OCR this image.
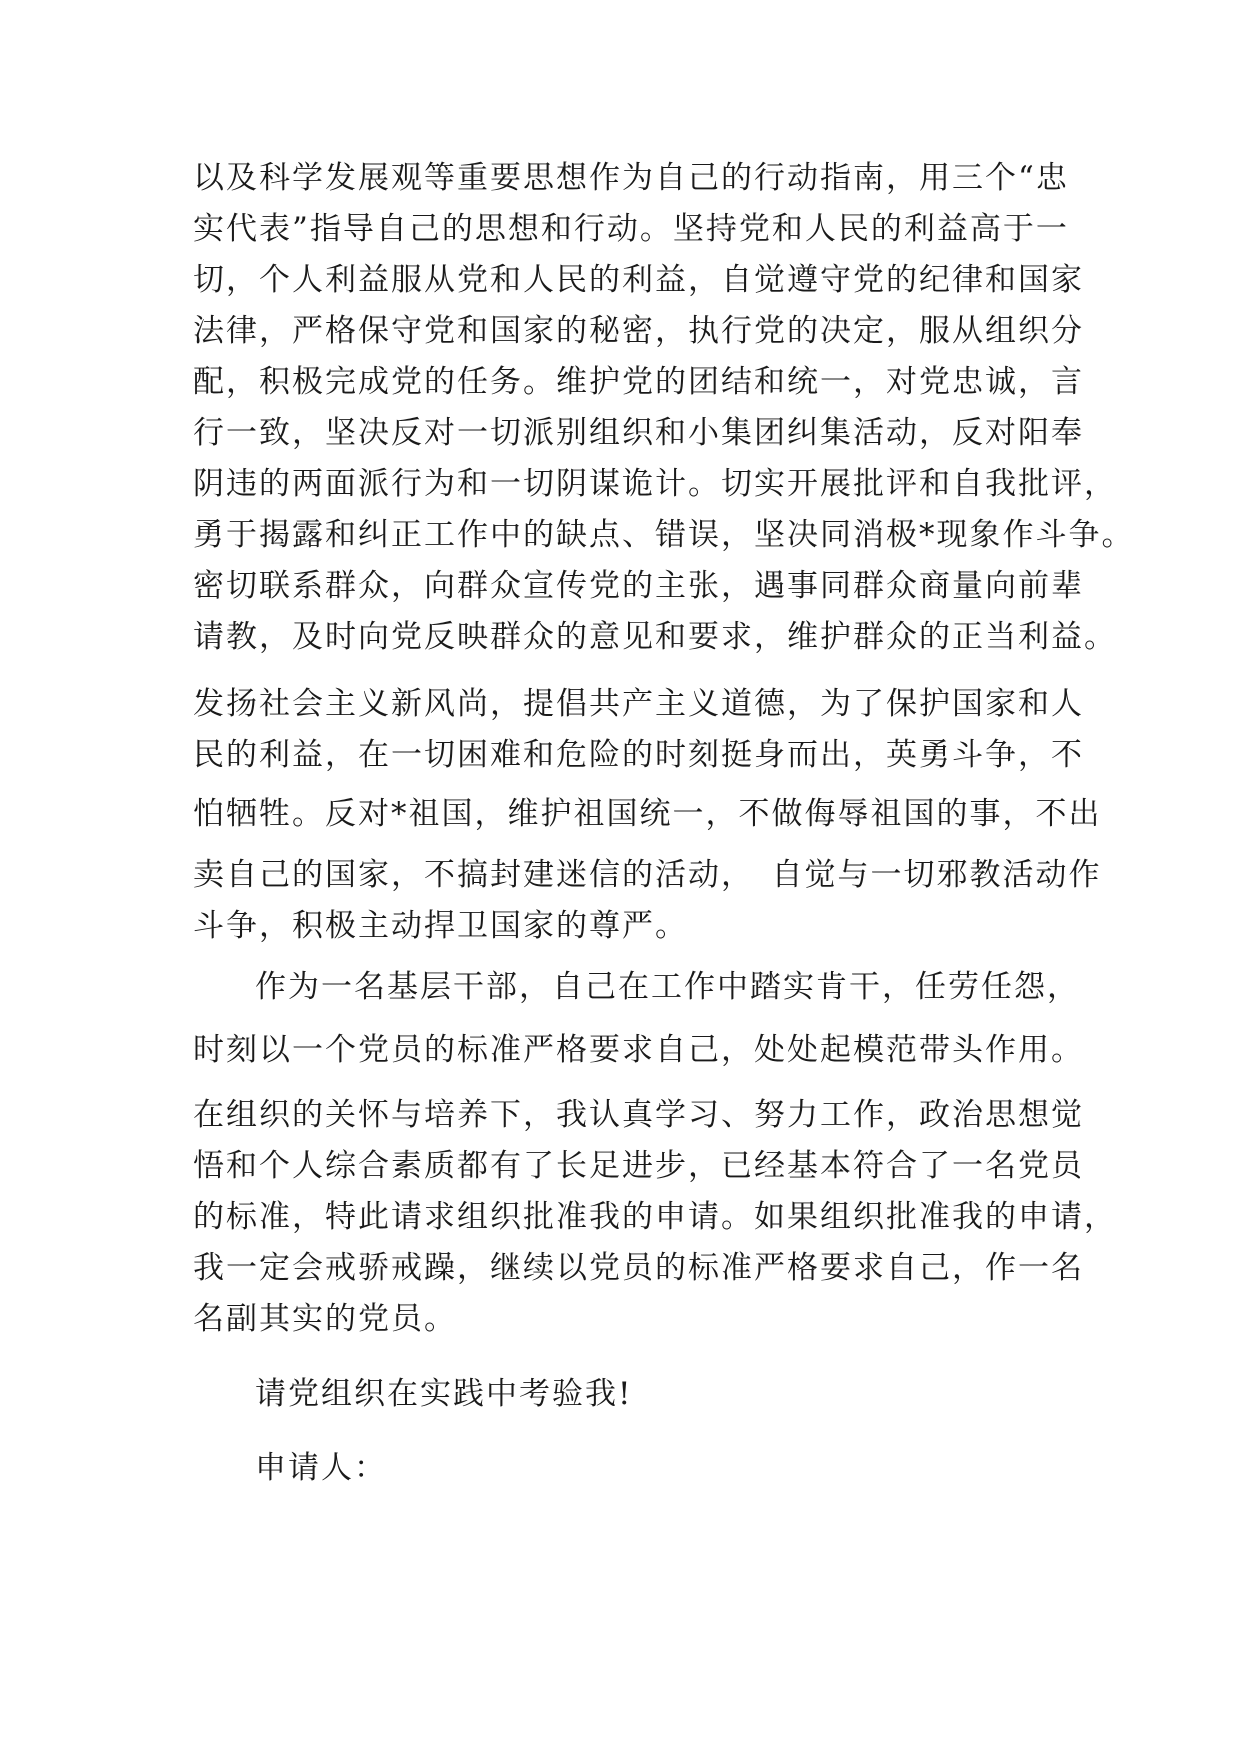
以及科学发展观等重要思想作为自己的行动指南，用三个“忠
实代表”指导自己的思想和行动。坚持党和人民的利益高于一
切，个人利益服从党和人民的利益，自觉遵守党的纪律和国家
法律，严格保守党和国家的秘密，执行党的决定，服从组织分
配，积极完成党的任务。维护党的团结和统一，对党忠诚，言
行一致，坚决反对一切派别组织和小集团纠集活动，反对阳奉
阴违的两面派行为和一切阴谋诡计。切实开展批评和自我批评，
勇于揭露和纠正工作中的缺点、错误，坚决同消极*现象作斗争。
密切联系群众，向群众宣传党的主张，遇事同群众商量向前辈
请教，及时向党反映群众的意见和要求，维护群众的正当利益。
发扬社会主义新风尚，提倡共产主义道德，为了保护国家和人
民的利益，在一切困难和危险的时刻挺身而出，英勇斗争，不
怕牺牲。反对*祖国，维护祖国统一，不做侮辱祖国的事，不出
卖自己的国家，不搞封建迷信的活动，　自觉与一切邪教活动作
斗争，积极主动捍卫国家的尊严。
作为一名基层干部，自己在工作中踏实肯干，任劳任怨，
时刻以一个党员的标准严格要求自己，处处起模范带头作用。
在组织的关怀与培养下，我认真学习、努力工作，政治思想觉
悟和个人综合素质都有了长足进步，已经基本符合了一名党员
的标准，特此请求组织批准我的申请。如果组织批准我的申请，
我一定会戒骄戒躁，继续以党员的标准严格要求自己，作一名
名副其实的党员。
请党组织在实践中考验我!
申请人：
